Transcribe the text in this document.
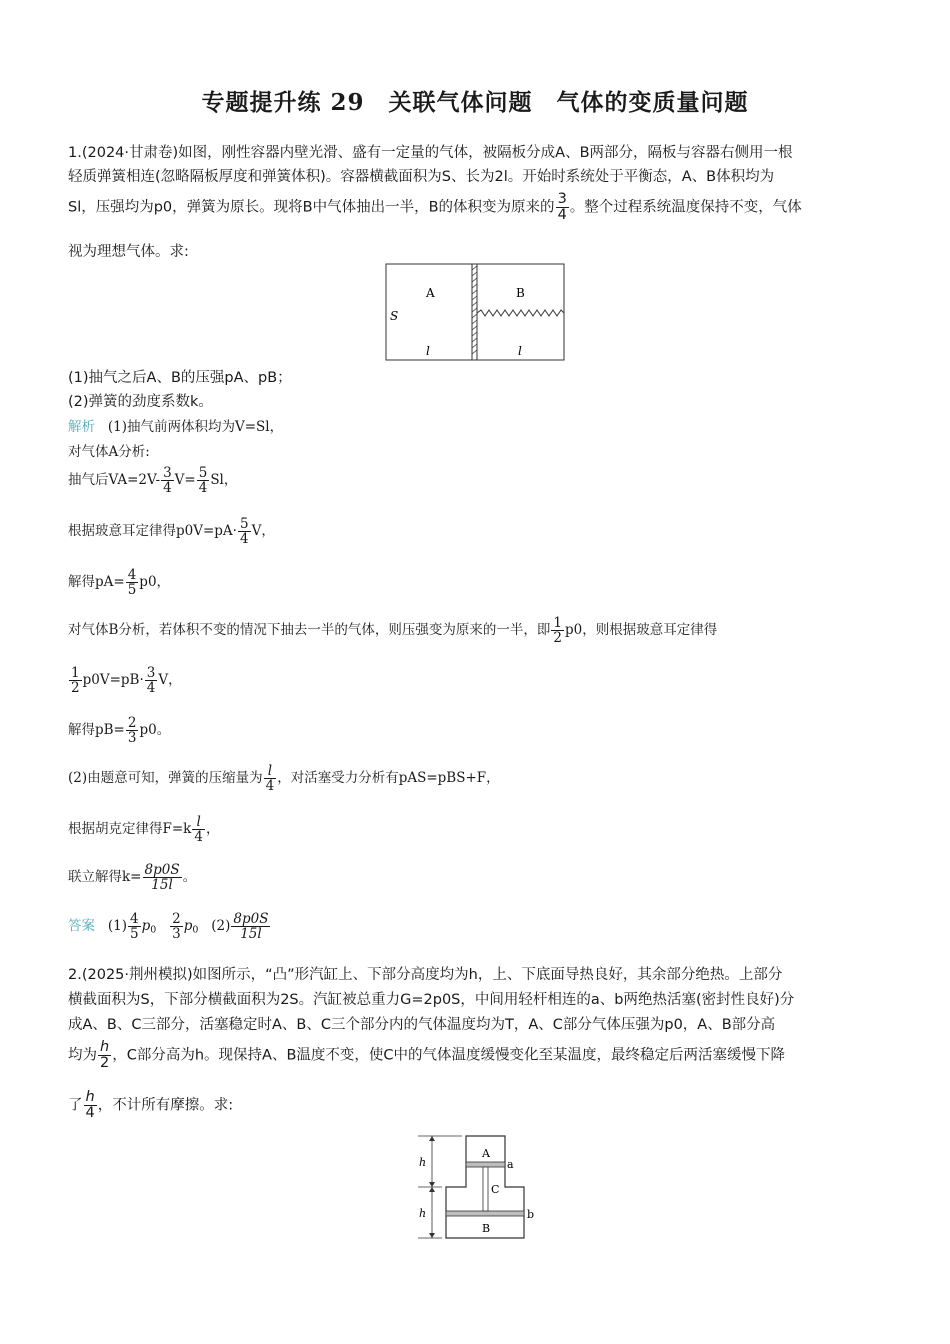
专题提升练 29　关联气体问题　气体的变质量问题
1.(2024·甘肃卷)如图，刚性容器内壁光滑、盛有一定量的气体，被隔板分成A、B两部分，隔板与容器右侧用一根
轻质弹簧相连(忽略隔板厚度和弹簧体积)。容器横截面积为S、长为2l。开始时系统处于平衡态，A、B体积均为
Sl，压强均为p0，弹簧为原长。现将B中气体抽出一半，B的体积变为原来的 $\frac{3}{4}$ 。整个过程系统温度保持不变，气体
视为理想气体。求:
A	B
S
l	l
(1)抽气之后A、B的压强pA、pB；
(2)弹簧的劲度系数k。
解析 (1)抽气前两体积均为V=Sl，
对气体A分析:
抽气后$VA=2V- \frac{3}{4} V= \frac{5}{4}$ Sl，
根据玻意耳定律得$p0V=pA\cdot \frac{5}{4}$ V，
解得$pA= \frac{4}{5} p0$，
对气体B分析，若体积不变的情况下抽去一半的气体，则压强变为原来的一半，即 $\frac{1}{2} p0$，则根据玻意耳定律得
$\frac{1}{2} p0V=pB\cdot \frac{3}{4}$ V，
解得$pB= \frac{2}{3} p0$。
(2)由题意可知，弹簧的压缩量为 $\frac{l}{4}$ ，对活塞受力分析有pAS=pBS+F，
根据胡克定律得$F=k \frac{l}{4}$ ，
联立解得$k= \frac{8p0S}{15l}$ 。
答案 $(1) \frac{4}{5} p_0 \frac{2}{3} p_0$ $(2) \frac{8p0S}{15l}$
2.(2025·荆州模拟)如图所示，“凸”形汽缸上、下部分高度均为h，上、下底面导热良好，其余部分绝热。上部分
横截面积为S，下部分横截面积为2S。汽缸被总重力G=2p0S，中间用轻杆相连的a、b两绝热活塞(密封性良好)分
成A、B、C三部分，活塞稳定时A、B、C三个部分内的气体温度均为T，A、C部分气体压强为p0，A、B部分高
均为 $\frac{h}{2}$ ，C部分高为h。现保持A、B温度不变，使C中的气体温度缓慢变化至某温度，最终稳定后两活塞缓慢下降
了 $\frac{h}{4}$ ，不计所有摩擦。求:
h
h
A
B
C
a
b
